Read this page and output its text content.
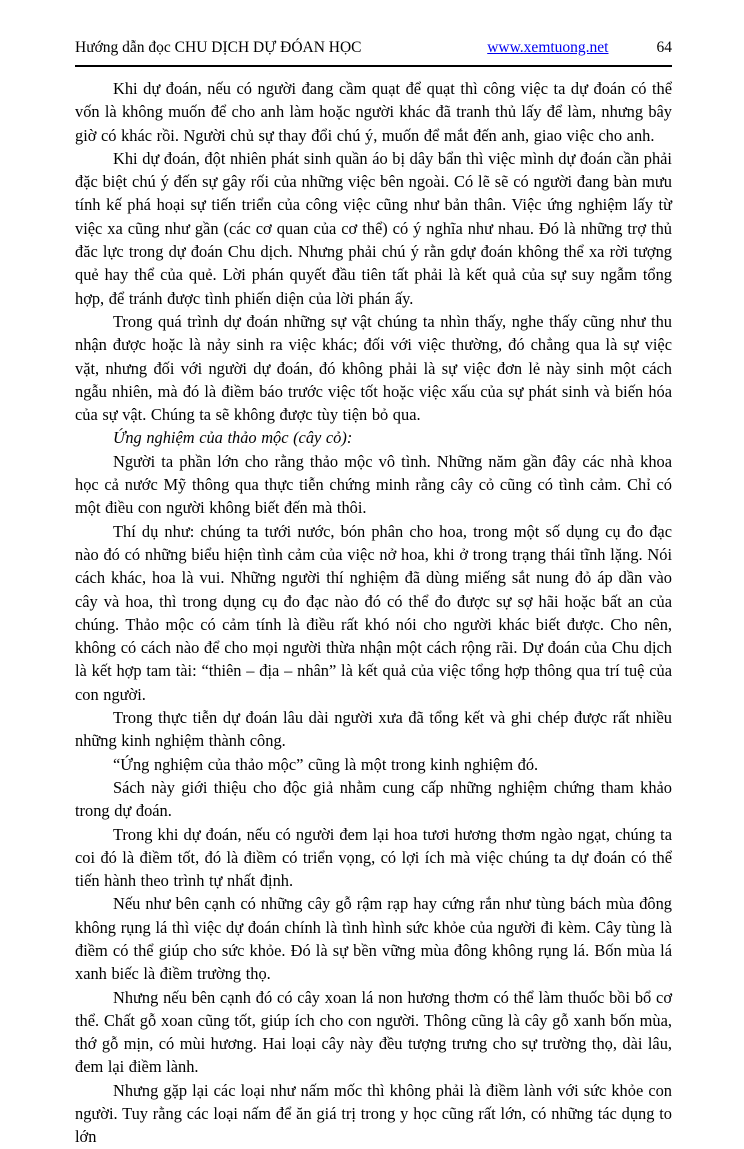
Hướng dẫn đọc CHU DỊCH DỰ ĐÓAN HỌC	www.xemtuong.net	64

Khi dự đoán, nếu có người đang cầm quạt để quạt thì công việc ta dự đoán có thể vốn là không muốn để cho anh làm hoặc người khác đã tranh thủ lấy để làm, nhưng bây giờ có khác rồi. Người chủ sự thay đổi chú ý, muốn để mắt đến anh, giao việc cho anh.

Khi dự đoán, đột nhiên phát sinh quần áo bị dây bẩn thì việc mình dự đoán cần phải đặc biệt chú ý đến sự gây rối của những việc bên ngoài. Có lẽ sẽ có người đang bàn mưu tính kế phá hoại sự tiến triển của công việc cũng như bản thân. Việc ứng nghiệm lấy từ việc xa cũng như gần (các cơ quan của cơ thể) có ý nghĩa như nhau. Đó là những trợ thủ đăc lực trong dự đoán Chu dịch. Nhưng phải chú ý rằn gdự đoán không thể xa rời tượng quẻ hay thể của quẻ. Lời phán quyết đầu tiên tất phải là kết quả của sự suy ngẫm tổng hợp, để tránh được tình phiến diện của lời phán ấy.

Trong quá trình dự đoán những sự vật chúng ta nhìn thấy, nghe thấy cũng như thu nhận được hoặc là nảy sinh ra việc khác; đối với việc thường, đó chẳng qua là sự việc vặt, nhưng đối với người dự đoán, đó không phải là sự việc đơn lẻ này sinh một cách ngẫu nhiên, mà đó là điềm báo trước việc tốt hoặc việc xấu của sự phát sinh và biến hóa của sự vật. Chúng ta sẽ không được tùy tiện bỏ qua.

Ứng nghiệm của thảo mộc (cây cỏ):

Người ta phần lớn cho rằng thảo mộc vô tình. Những năm gần đây các nhà khoa học cả nước Mỹ thông qua thực tiễn chứng minh rằng cây cỏ cũng có tình cảm. Chỉ có một điều con người không biết đến mà thôi.

Thí dụ như: chúng ta tưới nước, bón phân cho hoa, trong một số dụng cụ đo đạc nào đó có những biểu hiện tình cảm của việc nở hoa, khi ở trong trạng thái tĩnh lặng. Nói cách khác, hoa là vui. Những người thí nghiệm đã dùng miếng sắt nung đỏ áp dần vào cây và hoa, thì trong dụng cụ đo đạc nào đó có thể đo được sự sợ hãi hoặc bất an của chúng. Thảo mộc có cảm tính là điều rất khó nói cho người khác biết được. Cho nên, không có cách nào để cho mọi người thừa nhận một cách rộng rãi. Dự đoán của Chu dịch là kết hợp tam tài: “thiên – địa – nhân” là kết quả của việc tổng hợp thông qua trí tuệ của con người.

Trong thực tiễn dự đoán lâu dài người xưa đã tổng kết và ghi chép được rất nhiều những kinh nghiệm thành công.

“Ứng nghiệm của thảo mộc” cũng là một trong kinh nghiệm đó.

Sách này giới thiệu cho độc giả nhằm cung cấp những nghiệm chứng tham khảo trong dự đoán.

Trong khi dự đoán, nếu có người đem lại hoa tươi hương thơm ngào ngạt, chúng ta coi đó là điềm tốt, đó là điềm có triển vọng, có lợi ích mà việc chúng ta dự đoán có thể tiến hành theo trình tự nhất định.

Nếu như bên cạnh có những cây gỗ rậm rạp hay cứng rắn như tùng bách mùa đông không rụng lá thì việc dự đoán chính là tình hình sức khỏe của người đi kèm. Cây tùng là điềm có thể giúp cho sức khỏe. Đó là sự bền vững mùa đông không rụng lá. Bốn mùa lá xanh biếc là điềm trường thọ.

Nhưng nếu bên cạnh đó có cây xoan lá non hương thơm có thể làm thuốc bồi bổ cơ thể. Chất gỗ xoan cũng tốt, giúp ích cho con người. Thông cũng là cây gỗ xanh bốn mùa, thớ gỗ mịn, có mùi hương. Hai loại cây này đều tượng trưng cho sự trường thọ, dài lâu, đem lại điềm lành.

Nhưng gặp lại các loại như nấm mốc thì không phải là điềm lành với sức khỏe con người. Tuy rằng các loại nấm để ăn giá trị trong y học cũng rất lớn, có những tác dụng to lớn
